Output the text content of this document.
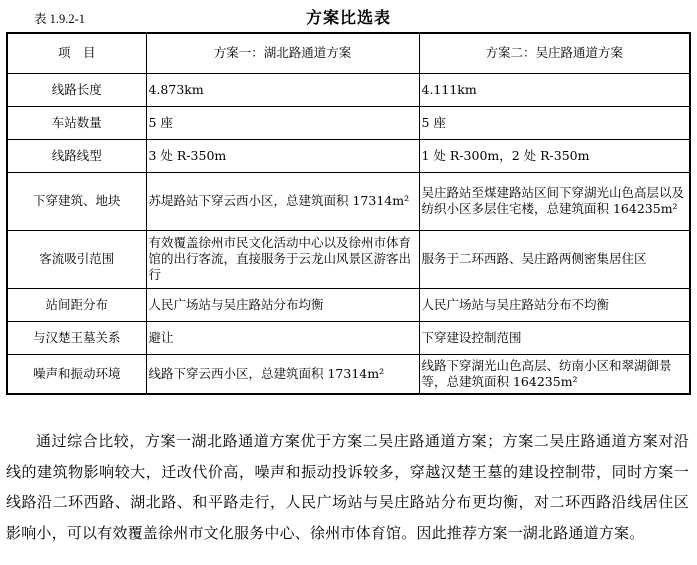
表 1.9.2-1	方案比选表
项　目	方案一：湖北路通道方案	方案二：吴庄路通道方案
线路长度	4.873km	4.111km
车站数量	5 座	5 座
线路线型	3 处 R-350m	1 处 R-300m，2 处 R-350m
下穿建筑、地块	苏堤路站下穿云西小区，总建筑面积 17314m²	吴庄路站至煤建路站区间下穿湖光山色高层以及纺织小区多层住宅楼，总建筑面积 164235m²
客流吸引范围	有效覆盖徐州市民文化活动中心以及徐州市体育馆的出行客流，直接服务于云龙山风景区游客出行	服务于二环西路、吴庄路两侧密集居住区
站间距分布	人民广场站与吴庄路站分布均衡	人民广场站与吴庄路站分布不均衡
与汉楚王墓关系	避让	下穿建设控制范围
噪声和振动环境	线路下穿云西小区，总建筑面积 17314m²	线路下穿湖光山色高层、纺南小区和翠湖御景等，总建筑面积 164235m²

通过综合比较，方案一湖北路通道方案优于方案二吴庄路通道方案；方案二吴庄路通道方案对沿线的建筑物影响较大，迁改代价高，噪声和振动投诉较多，穿越汉楚王墓的建设控制带，同时方案一线路沿二环西路、湖北路、和平路走行，人民广场站与吴庄路站分布更均衡，对二环西路沿线居住区影响小，可以有效覆盖徐州市文化服务中心、徐州市体育馆。因此推荐方案一湖北路通道方案。
